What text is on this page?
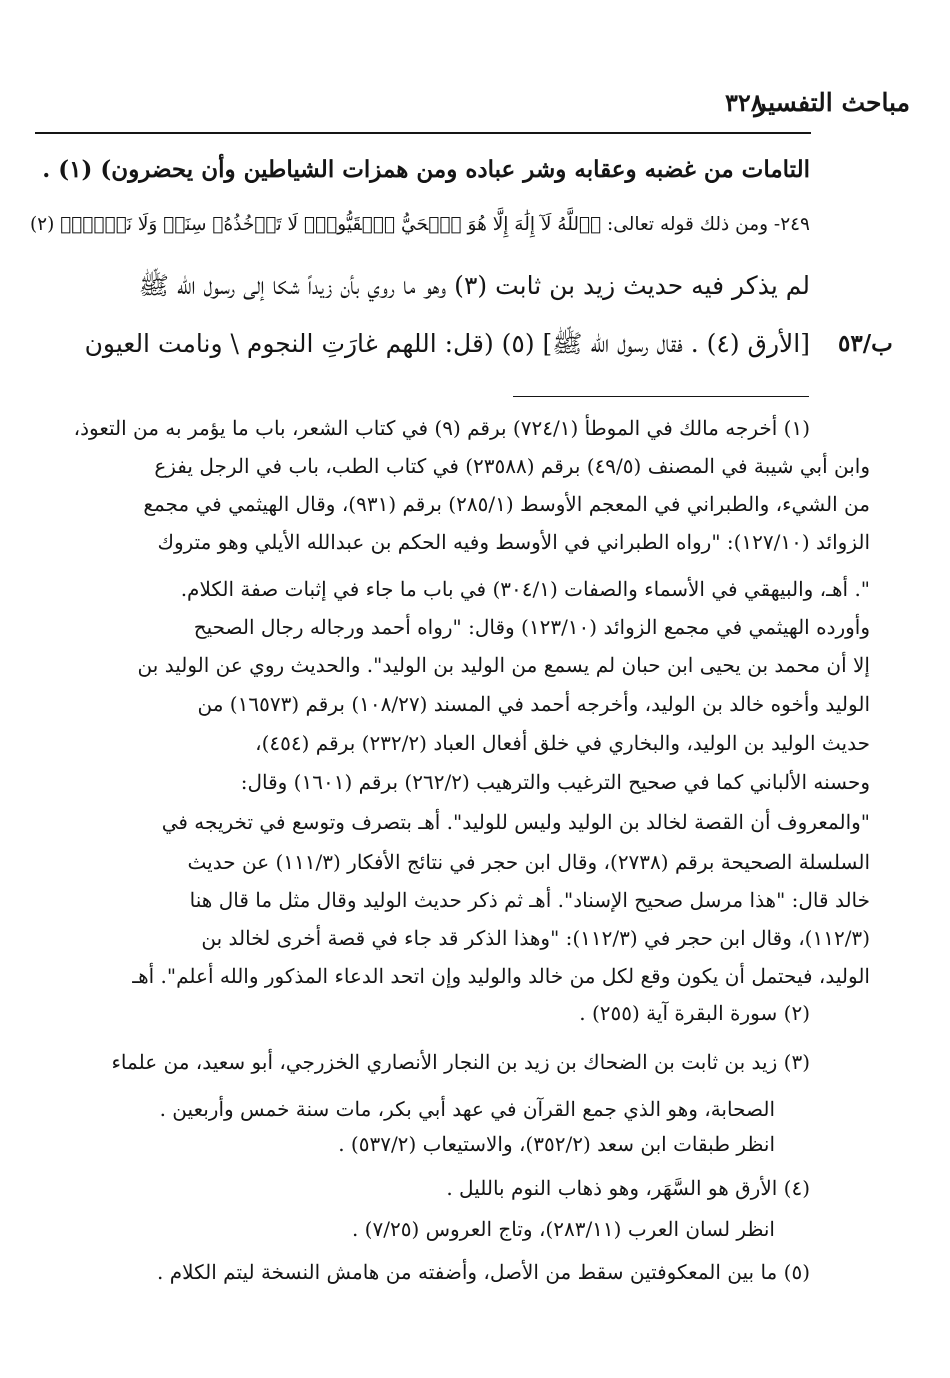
مباحث التفسير
٣٢٨
التامات من غضبه وعقابه وشر عباده ومن همزات الشياطين وأن يحضرون) (١) .
٢٤٩- ومن ذلك قوله تعالى: ﴿ٱللَّهُ لَآ إِلَٰهَ إِلَّا هُوَ ٱلۡحَيُّ ٱلۡقَيُّومُۚ لَا تَأۡخُذُهُۥ سِنَةٞ وَلَا نَوۡمٞۚ﴾ (٢)
لم يذكر فيه حديث زيد بن ثابت (٣) وهو ما روي بأن زيداً شكا إلى رسول الله ﷺ
[الأرق (٤) . فقال رسول الله ﷺ] (٥) (قل: اللهم غارَتِ النجوم \ ونامت العيون ب/٥٣
(١) أخرجه مالك في الموطأ (٧٢٤/١) برقم (٩) في كتاب الشعر، باب ما يؤمر به من التعوذ،
وابن أبي شيبة في المصنف (٤٩/٥) برقم (٢٣٥٨٨) في كتاب الطب، باب في الرجل يفزع
من الشيء، والطبراني في المعجم الأوسط (٢٨٥/١) برقم (٩٣١)، وقال الهيثمي في مجمع
الزوائد (١٢٧/١٠): "رواه الطبراني في الأوسط وفيه الحكم بن عبدالله الأيلي وهو متروك
". أهـ، والبيهقي في الأسماء والصفات (٣٠٤/١) في باب ما جاء في إثبات صفة الكلام.
وأورده الهيثمي في مجمع الزوائد (١٢٣/١٠) وقال: "رواه أحمد ورجاله رجال الصحيح
إلا أن محمد بن يحيى ابن حبان لم يسمع من الوليد بن الوليد". والحديث روي عن الوليد بن
الوليد وأخوه خالد بن الوليد، وأخرجه أحمد في المسند (١٠٨/٢٧) برقم (١٦٥٧٣) من
حديث الوليد بن الوليد، والبخاري في خلق أفعال العباد (٢٣٢/٢) برقم (٤٥٤)،
وحسنه الألباني كما في صحيح الترغيب والترهيب (٢٦٢/٢) برقم (١٦٠١) وقال:
"والمعروف أن القصة لخالد بن الوليد وليس للوليد". أهـ بتصرف وتوسع في تخريجه في
السلسلة الصحيحة برقم (٢٧٣٨)، وقال ابن حجر في نتائج الأفكار (١١١/٣) عن حديث
خالد قال: "هذا مرسل صحيح الإسناد". أهـ ثم ذكر حديث الوليد وقال مثل ما قال هنا
(١١٢/٣)، وقال ابن حجر في (١١٢/٣): "وهذا الذكر قد جاء في قصة أخرى لخالد بن
الوليد، فيحتمل أن يكون وقع لكل من خالد والوليد وإن اتحد الدعاء المذكور والله أعلم". أهـ
(٢) سورة البقرة آية (٢٥٥) .
(٣) زيد بن ثابت بن الضحاك بن زيد بن النجار الأنصاري الخزرجي، أبو سعيد، من علماء
الصحابة، وهو الذي جمع القرآن في عهد أبي بكر، مات سنة خمس وأربعين .
انظر طبقات ابن سعد (٣٥٢/٢)، والاستيعاب (٥٣٧/٢) .
(٤) الأرق هو السَّهَر، وهو ذهاب النوم بالليل .
انظر لسان العرب (٢٨٣/١١)، وتاج العروس (٧/٢٥) .
(٥) ما بين المعكوفتين سقط من الأصل، وأضفته من هامش النسخة ليتم الكلام .
